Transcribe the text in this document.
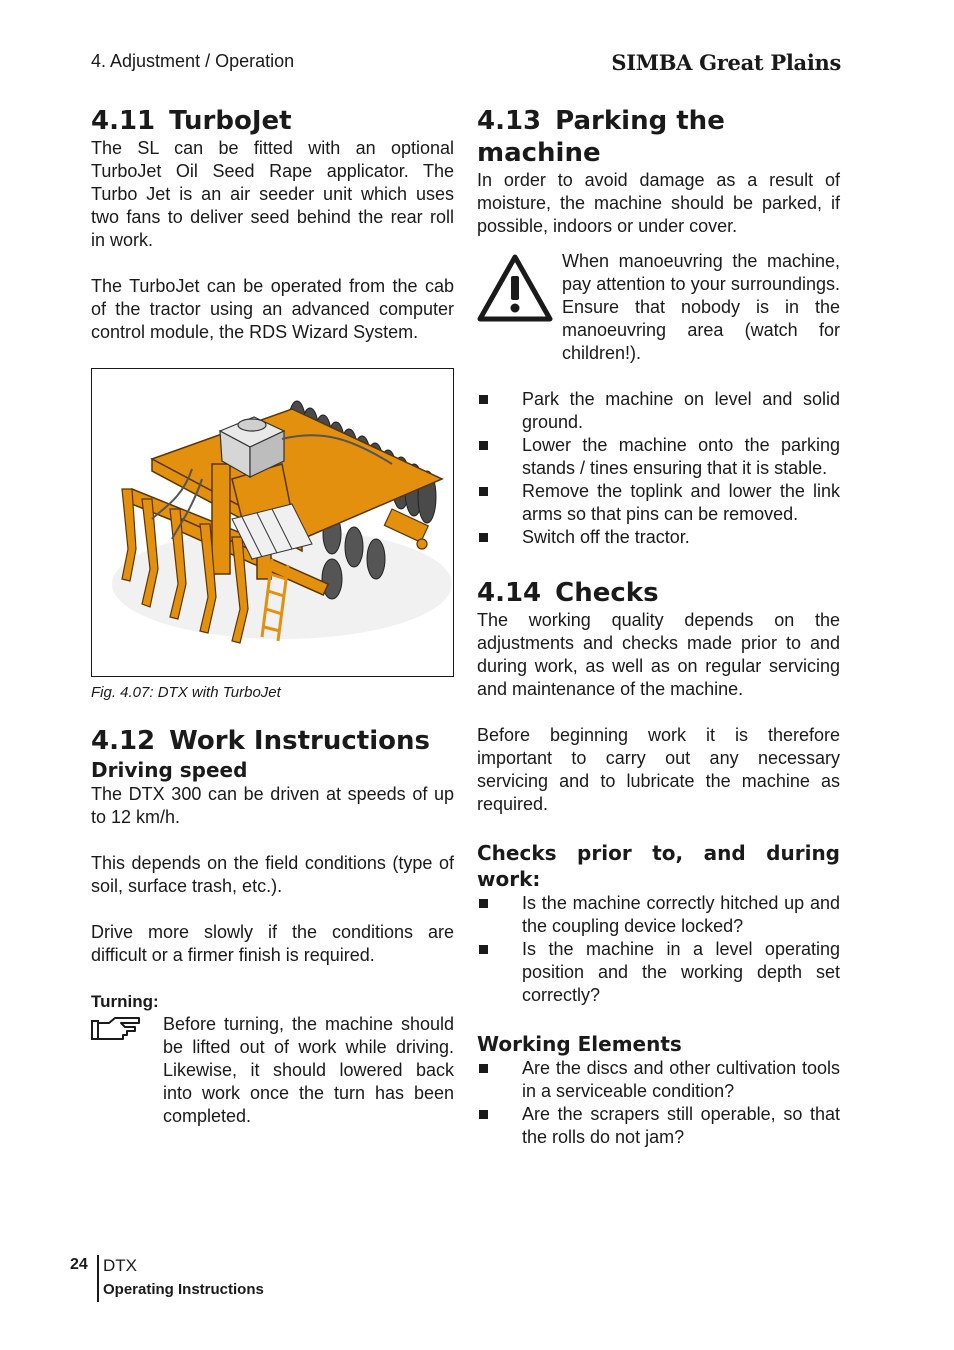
4. Adjustment / Operation	SIMBA Great Plains
4.11 TurboJet

The SL can be fitted with an optional TurboJet Oil Seed Rape applicator. The Turbo Jet is an air seeder unit which uses two fans to deliver seed behind the rear roll in work.

The TurboJet can be operated from the cab of the tractor using an advanced computer control module, the RDS Wizard System.

Fig. 4.07: DTX with TurboJet
4.12 Work Instructions
Driving speed

The DTX 300 can be driven at speeds of up to 12 km/h.

This depends on the field conditions (type of soil, surface trash, etc.).

Drive more slowly if the conditions are difficult or a firmer finish is required.

Turning:

Before turning, the machine should be lifted out of work while driving. Likewise, it should lowered back into work once the turn has been completed.

4.13 Parking the machine

In order to avoid damage as a result of moisture, the machine should be parked, if possible, indoors or under cover.

When manoeuvring the machine, pay attention to your surroundings. Ensure that nobody is in the manoeuvring area (watch for children!).

Park the machine on level and solid ground.
Lower the machine onto the parking stands / tines ensuring that it is stable.
Remove the toplink and lower the link arms so that pins can be removed.
Switch off the tractor.
4.14 Checks

The working quality depends on the adjustments and checks made prior to and during work, as well as on regular servicing and maintenance of the machine.

Before beginning work it is therefore important to carry out any necessary servicing and to lubricate the machine as required.

Checks prior to, and during work:
Is the machine correctly hitched up and the coupling device locked?
Is the machine in a level operating position and the working depth set correctly?
Working Elements
Are the discs and other cultivation tools in a serviceable condition?
Are the scrapers still operable, so that the rolls do not jam?
24 DTX
Operating Instructions
